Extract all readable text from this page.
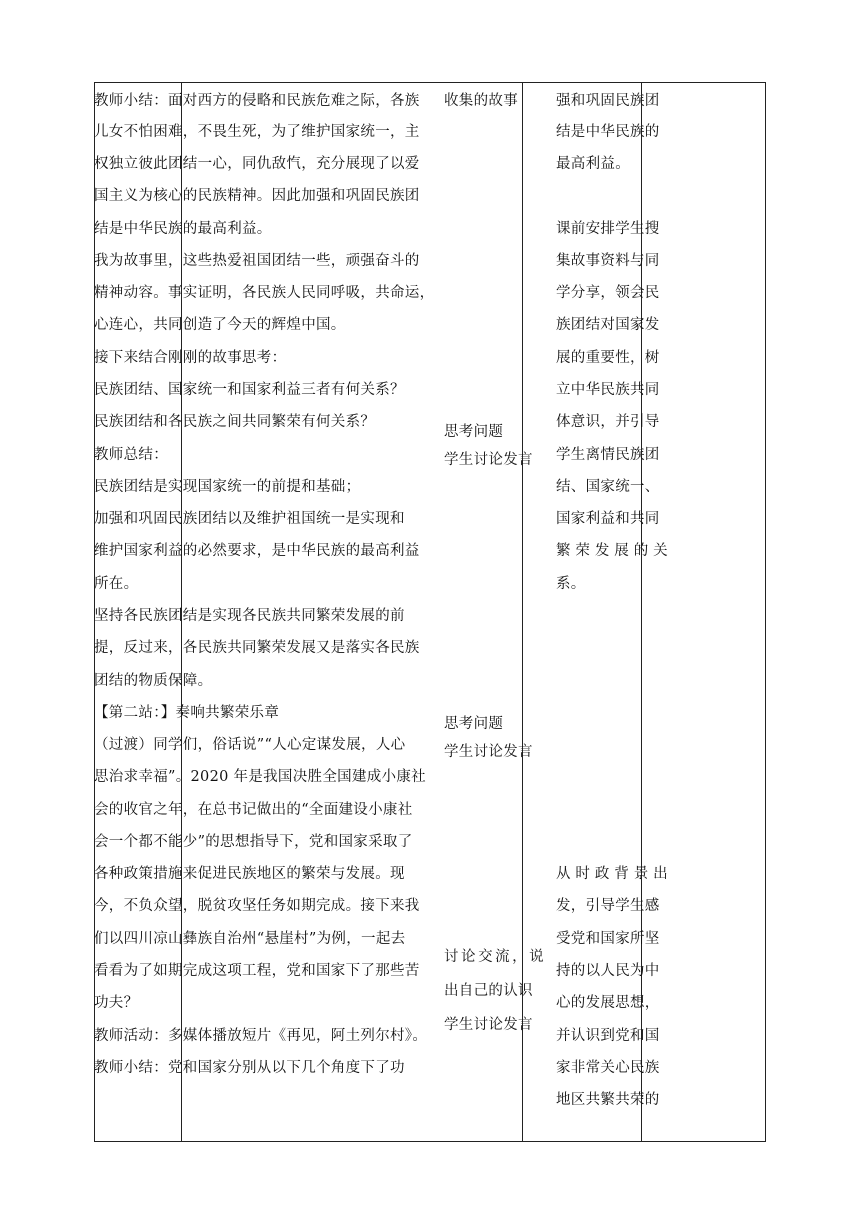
教师小结：面对西方的侵略和民族危难之际，各族
儿女不怕困难，不畏生死，为了维护国家统一，主
权独立彼此团结一心，同仇敌忾，充分展现了以爱
国主义为核心的民族精神。因此加强和巩固民族团
结是中华民族的最高利益。
我为故事里，这些热爱祖国团结一些，顽强奋斗的
精神动容。事实证明，各民族人民同呼吸，共命运，
心连心，共同创造了今天的辉煌中国。
接下来结合刚刚的故事思考：
民族团结、国家统一和国家利益三者有何关系？
民族团结和各民族之间共同繁荣有何关系？
教师总结：
民族团结是实现国家统一的前提和基础；
加强和巩固民族团结以及维护祖国统一是实现和
维护国家利益的必然要求，是中华民族的最高利益
所在。
坚持各民族团结是实现各民族共同繁荣发展的前
提，反过来，各民族共同繁荣发展又是落实各民族
团结的物质保障。
【第二站：】奏响共繁荣乐章
（过渡）同学们，俗话说”“人心定谋发展，人心
思治求幸福”。2020 年是我国决胜全国建成小康社
会的收官之年，在总书记做出的“全面建设小康社
会一个都不能少”的思想指导下，党和国家采取了
各种政策措施来促进民族地区的繁荣与发展。现
今，不负众望，脱贫攻坚任务如期完成。接下来我
们以四川凉山彝族自治州“悬崖村”为例，一起去
看看为了如期完成这项工程，党和国家下了那些苦
功夫？
教师活动：多媒体播放短片《再见，阿土列尔村》。
教师小结：党和国家分别从以下几个角度下了功
收集的故事
思考问题
学生讨论发言
思考问题
学生讨论发言
讨论交流，说
出自己的认识
学生讨论发言
强和巩固民族团
结是中华民族的
最高利益。
课前安排学生搜
集故事资料与同
学分享，领会民
族团结对国家发
展的重要性，树
立中华民族共同
体意识，并引导
学生离情民族团
结、国家统一、
国家利益和共同
繁荣发展的关
系。
从时政背景出
发，引导学生感
受党和国家所坚
持的以人民为中
心的发展思想，
并认识到党和国
家非常关心民族
地区共繁共荣的
